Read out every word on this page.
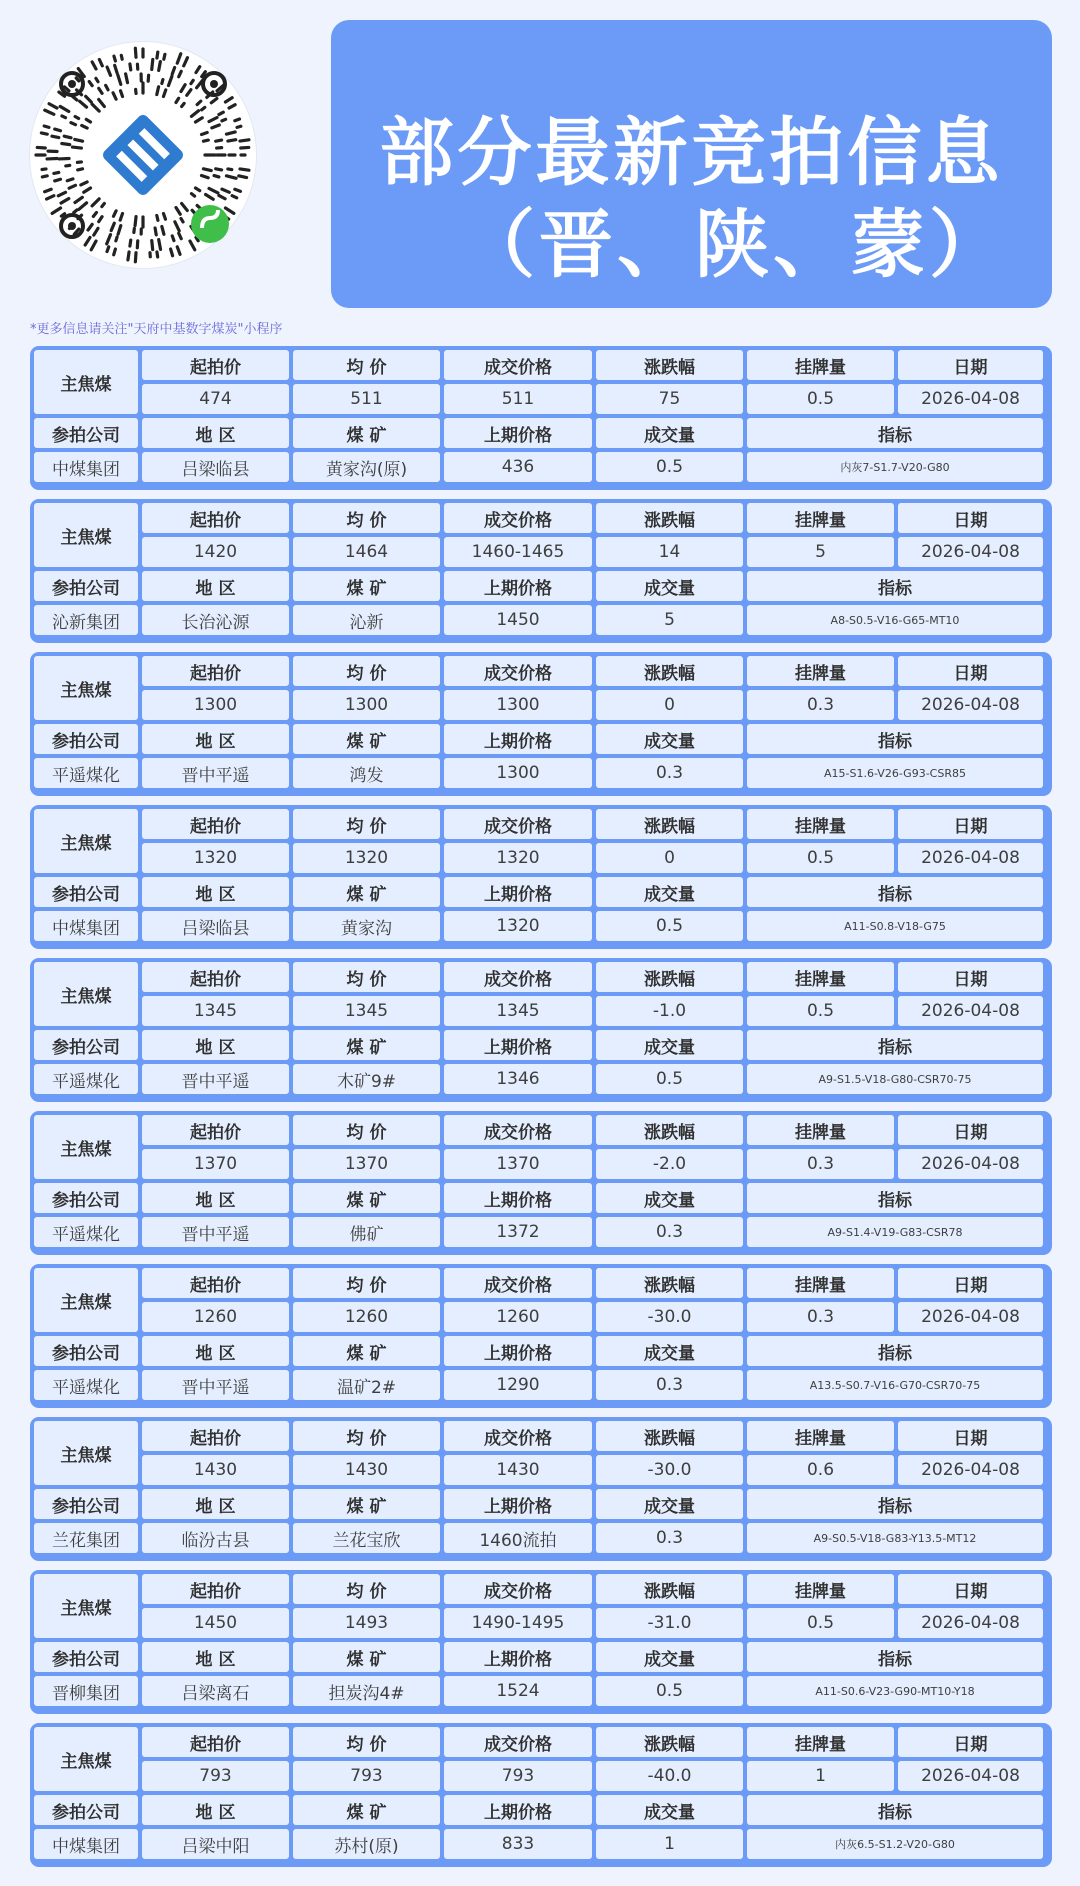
部分最新竞拍信息
（晋、陕、蒙）
*更多信息请关注"天府中基数字煤炭"小程序
主焦煤
起拍价
474
均 价
511
成交价格
511
涨跌幅
75
挂牌量
0.5
日期
2026-04-08
参拍公司
中煤集团
地 区
吕梁临县
煤 矿
黄家沟(原)
上期价格
436
成交量
0.5
指标
内灰7-S1.7-V20-G80
主焦煤
起拍价
1420
均 价
1464
成交价格
1460-1465
涨跌幅
14
挂牌量
5
日期
2026-04-08
参拍公司
沁新集团
地 区
长治沁源
煤 矿
沁新
上期价格
1450
成交量
5
指标
A8-S0.5-V16-G65-MT10
主焦煤
起拍价
1300
均 价
1300
成交价格
1300
涨跌幅
0
挂牌量
0.3
日期
2026-04-08
参拍公司
平遥煤化
地 区
晋中平遥
煤 矿
鸿发
上期价格
1300
成交量
0.3
指标
A15-S1.6-V26-G93-CSR85
主焦煤
起拍价
1320
均 价
1320
成交价格
1320
涨跌幅
0
挂牌量
0.5
日期
2026-04-08
参拍公司
中煤集团
地 区
吕梁临县
煤 矿
黄家沟
上期价格
1320
成交量
0.5
指标
A11-S0.8-V18-G75
主焦煤
起拍价
1345
均 价
1345
成交价格
1345
涨跌幅
-1.0
挂牌量
0.5
日期
2026-04-08
参拍公司
平遥煤化
地 区
晋中平遥
煤 矿
木矿9#
上期价格
1346
成交量
0.5
指标
A9-S1.5-V18-G80-CSR70-75
主焦煤
起拍价
1370
均 价
1370
成交价格
1370
涨跌幅
-2.0
挂牌量
0.3
日期
2026-04-08
参拍公司
平遥煤化
地 区
晋中平遥
煤 矿
佛矿
上期价格
1372
成交量
0.3
指标
A9-S1.4-V19-G83-CSR78
主焦煤
起拍价
1260
均 价
1260
成交价格
1260
涨跌幅
-30.0
挂牌量
0.3
日期
2026-04-08
参拍公司
平遥煤化
地 区
晋中平遥
煤 矿
温矿2#
上期价格
1290
成交量
0.3
指标
A13.5-S0.7-V16-G70-CSR70-75
主焦煤
起拍价
1430
均 价
1430
成交价格
1430
涨跌幅
-30.0
挂牌量
0.6
日期
2026-04-08
参拍公司
兰花集团
地 区
临汾古县
煤 矿
兰花宝欣
上期价格
1460流拍
成交量
0.3
指标
A9-S0.5-V18-G83-Y13.5-MT12
主焦煤
起拍价
1450
均 价
1493
成交价格
1490-1495
涨跌幅
-31.0
挂牌量
0.5
日期
2026-04-08
参拍公司
晋柳集团
地 区
吕梁离石
煤 矿
担炭沟4#
上期价格
1524
成交量
0.5
指标
A11-S0.6-V23-G90-MT10-Y18
主焦煤
起拍价
793
均 价
793
成交价格
793
涨跌幅
-40.0
挂牌量
1
日期
2026-04-08
参拍公司
中煤集团
地 区
吕梁中阳
煤 矿
苏村(原)
上期价格
833
成交量
1
指标
内灰6.5-S1.2-V20-G80
